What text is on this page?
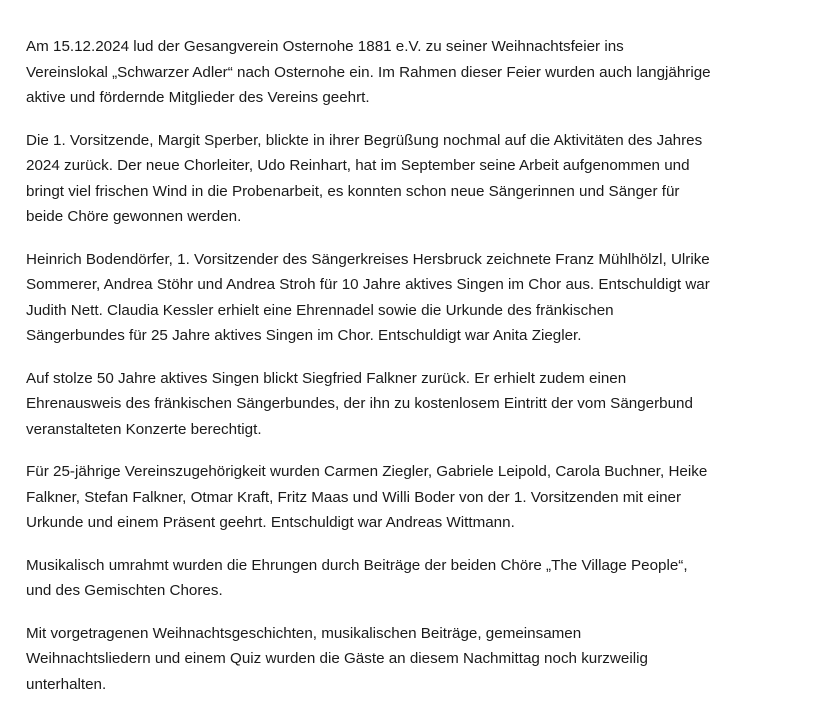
Am 15.12.2024 lud der Gesangverein Osternohe 1881 e.V. zu seiner Weihnachtsfeier ins
Vereinslokal „Schwarzer Adler“ nach Osternohe ein. Im Rahmen dieser Feier wurden auch langjährige
aktive und fördernde Mitglieder des Vereins geehrt.

Die 1. Vorsitzende, Margit Sperber, blickte in ihrer Begrüßung nochmal auf die Aktivitäten des Jahres
2024 zurück. Der neue Chorleiter, Udo Reinhart, hat im September seine Arbeit aufgenommen und
bringt viel frischen Wind in die Probenarbeit, es konnten schon neue Sängerinnen und Sänger für
beide Chöre gewonnen werden.

Heinrich Bodendörfer, 1. Vorsitzender des Sängerkreises Hersbruck zeichnete Franz Mühlhölzl, Ulrike
Sommerer, Andrea Stöhr und Andrea Stroh für 10 Jahre aktives Singen im Chor aus. Entschuldigt war
Judith Nett. Claudia Kessler erhielt eine Ehrennadel sowie die Urkunde des fränkischen
Sängerbundes für 25 Jahre aktives Singen im Chor. Entschuldigt war Anita Ziegler.

Auf stolze 50 Jahre aktives Singen blickt Siegfried Falkner zurück. Er erhielt zudem einen
Ehrenausweis des fränkischen Sängerbundes, der ihn zu kostenlosem Eintritt der vom Sängerbund
veranstalteten Konzerte berechtigt.

Für 25-jährige Vereinszugehörigkeit wurden Carmen Ziegler, Gabriele Leipold, Carola Buchner, Heike
Falkner, Stefan Falkner, Otmar Kraft, Fritz Maas und Willi Boder von der 1. Vorsitzenden mit einer
Urkunde und einem Präsent geehrt. Entschuldigt war Andreas Wittmann.

Musikalisch umrahmt wurden die Ehrungen durch Beiträge der beiden Chöre „The Village People“,
und des Gemischten Chores.

Mit vorgetragenen Weihnachtsgeschichten, musikalischen Beiträge, gemeinsamen
Weihnachtsliedern und einem Quiz wurden die Gäste an diesem Nachmittag noch kurzweilig
unterhalten.
